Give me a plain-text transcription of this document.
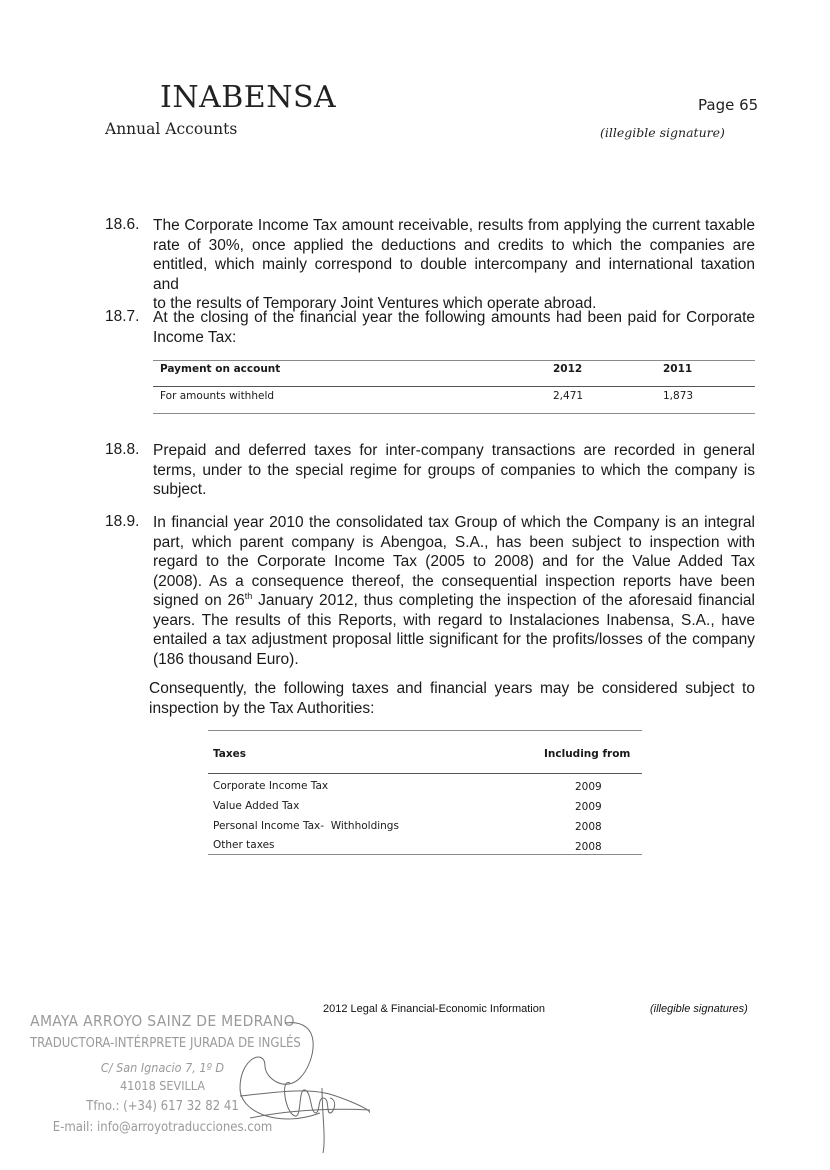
INABENSA
Annual Accounts
Page 65
(illegible signature)
18.6. The Corporate Income Tax amount receivable, results from applying the current taxable
rate of 30%, once applied the deductions and credits to which the companies are
entitled, which mainly correspond to double intercompany and international taxation and
to the results of Temporary Joint Ventures which operate abroad.
18.7. At the closing of the financial year the following amounts had been paid for Corporate
Income Tax:
Payment on account	2012	2011
For amounts withheld	2,471	1,873
18.8. Prepaid and deferred taxes for inter-company transactions are recorded in general
terms, under to the special regime for groups of companies to which the company is
subject.
18.9. In financial year 2010 the consolidated tax Group of which the Company is an integral
part, which parent company is Abengoa, S.A., has been subject to inspection with
regard to the Corporate Income Tax (2005 to 2008) and for the Value Added Tax
(2008). As a consequence thereof, the consequential inspection reports have been
signed on 26th January 2012, thus completing the inspection of the aforesaid financial
years. The results of this Reports, with regard to Instalaciones Inabensa, S.A., have
entailed a tax adjustment proposal little significant for the profits/losses of the company
(186 thousand Euro).
Consequently, the following taxes and financial years may be considered subject to
inspection by the Tax Authorities:
Taxes	Including from
Corporate Income Tax	2009
Value Added Tax	2009
Personal Income Tax-  Withholdings	2008
Other taxes	2008
2012 Legal & Financial-Economic Information	(illegible signatures)
AMAYA ARROYO SAINZ DE MEDRANO
TRADUCTORA-INTÉRPRETE JURADA DE INGLÉS
C/ San Ignacio 7, 1º D
41018 SEVILLA
Tfno.: (+34) 617 32 82 41
E-mail: info@arroyotraducciones.com
